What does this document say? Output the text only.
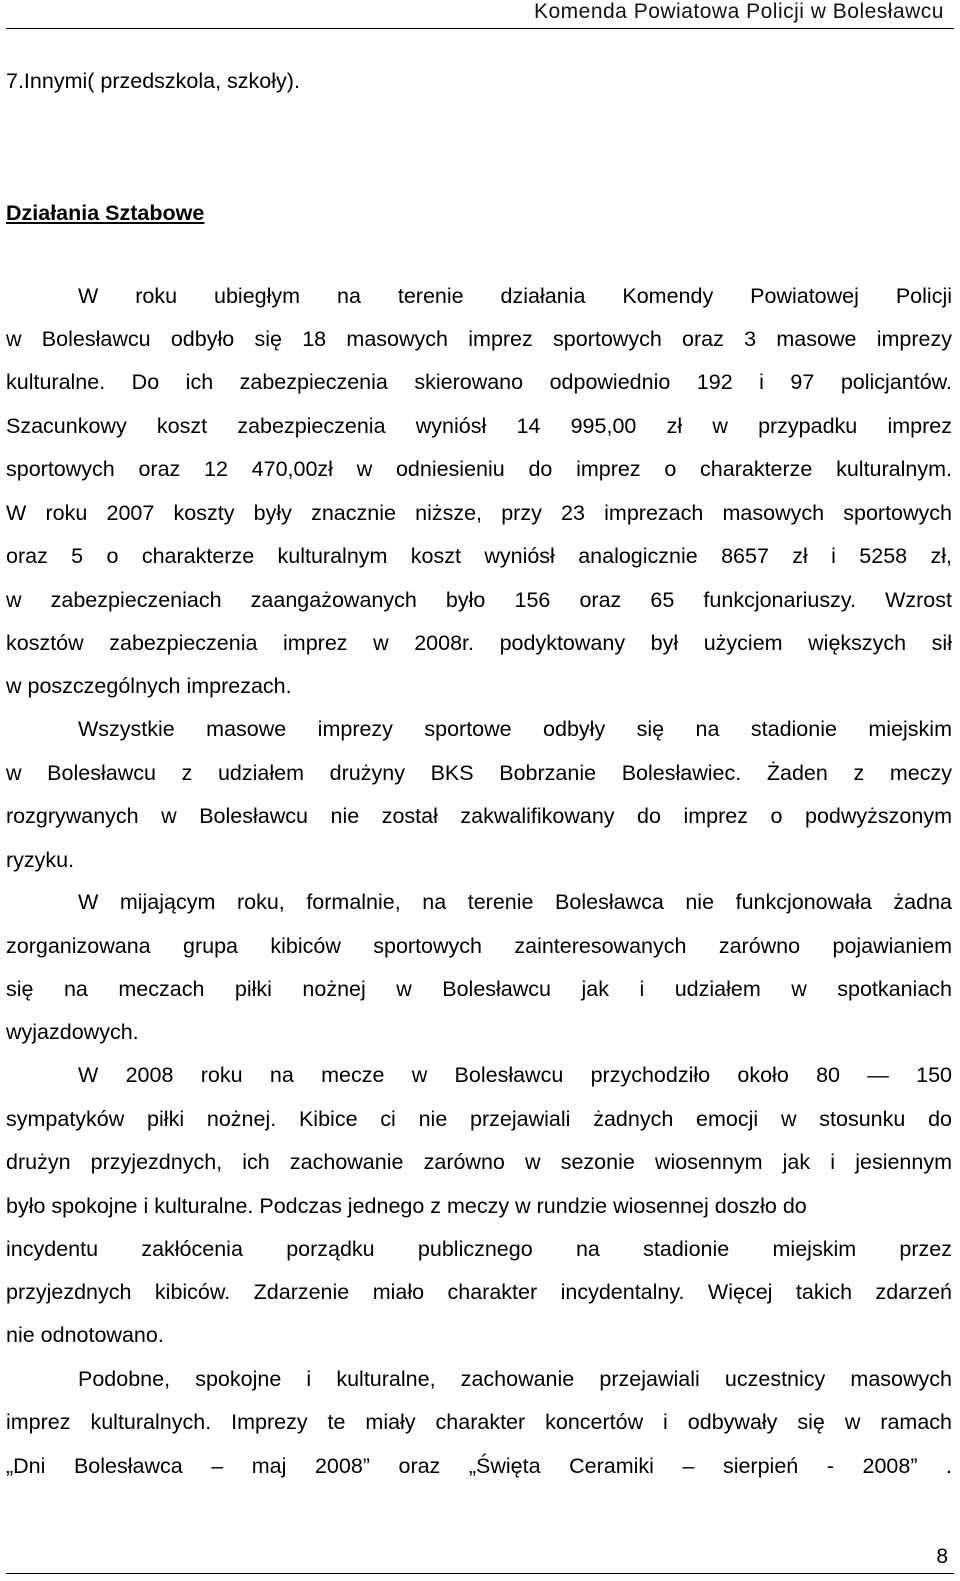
Komenda Powiatowa Policji w Bolesławcu
7.Innymi( przedszkola, szkoły).
Działania Sztabowe
W roku ubiegłym na terenie działania Komendy Powiatowej Policji
w Bolesławcu odbyło się 18 masowych imprez sportowych oraz 3 masowe imprezy
kulturalne. Do ich zabezpieczenia skierowano odpowiednio 192 i 97 policjantów.
Szacunkowy koszt zabezpieczenia wyniósł 14 995,00 zł w przypadku imprez
sportowych oraz 12 470,00zł w odniesieniu do imprez o charakterze kulturalnym.
W roku 2007 koszty były znacznie niższe, przy 23 imprezach masowych sportowych
oraz 5 o charakterze kulturalnym koszt wyniósł analogicznie 8657 zł i 5258 zł,
w zabezpieczeniach zaangażowanych było 156 oraz 65 funkcjonariuszy. Wzrost
kosztów zabezpieczenia imprez w 2008r. podyktowany był użyciem większych sił
w poszczególnych imprezach.
Wszystkie masowe imprezy sportowe odbyły się na stadionie miejskim
w Bolesławcu z udziałem drużyny BKS Bobrzanie Bolesławiec. Żaden z meczy
rozgrywanych w Bolesławcu nie został zakwalifikowany do imprez o podwyższonym
ryzyku.
W mijającym roku, formalnie, na terenie Bolesławca nie funkcjonowała żadna
zorganizowana grupa kibiców sportowych zainteresowanych zarówno pojawianiem
się na meczach piłki nożnej w Bolesławcu jak i udziałem w spotkaniach
wyjazdowych.
W 2008 roku na mecze w Bolesławcu przychodziło około 80 — 150
sympatyków piłki nożnej. Kibice ci nie przejawiali żadnych emocji w stosunku do
drużyn przyjezdnych, ich zachowanie zarówno w sezonie wiosennym jak i jesiennym
było spokojne i kulturalne. Podczas jednego z meczy w rundzie wiosennej doszło do
incydentu zakłócenia porządku publicznego na stadionie miejskim przez
przyjezdnych kibiców. Zdarzenie miało charakter incydentalny. Więcej takich zdarzeń
nie odnotowano.
Podobne, spokojne i kulturalne, zachowanie przejawiali uczestnicy masowych
imprez kulturalnych. Imprezy te miały charakter koncertów i odbywały się w ramach
„Dni Bolesławca – maj 2008” oraz „Święta Ceramiki – sierpień - 2008” .
8
